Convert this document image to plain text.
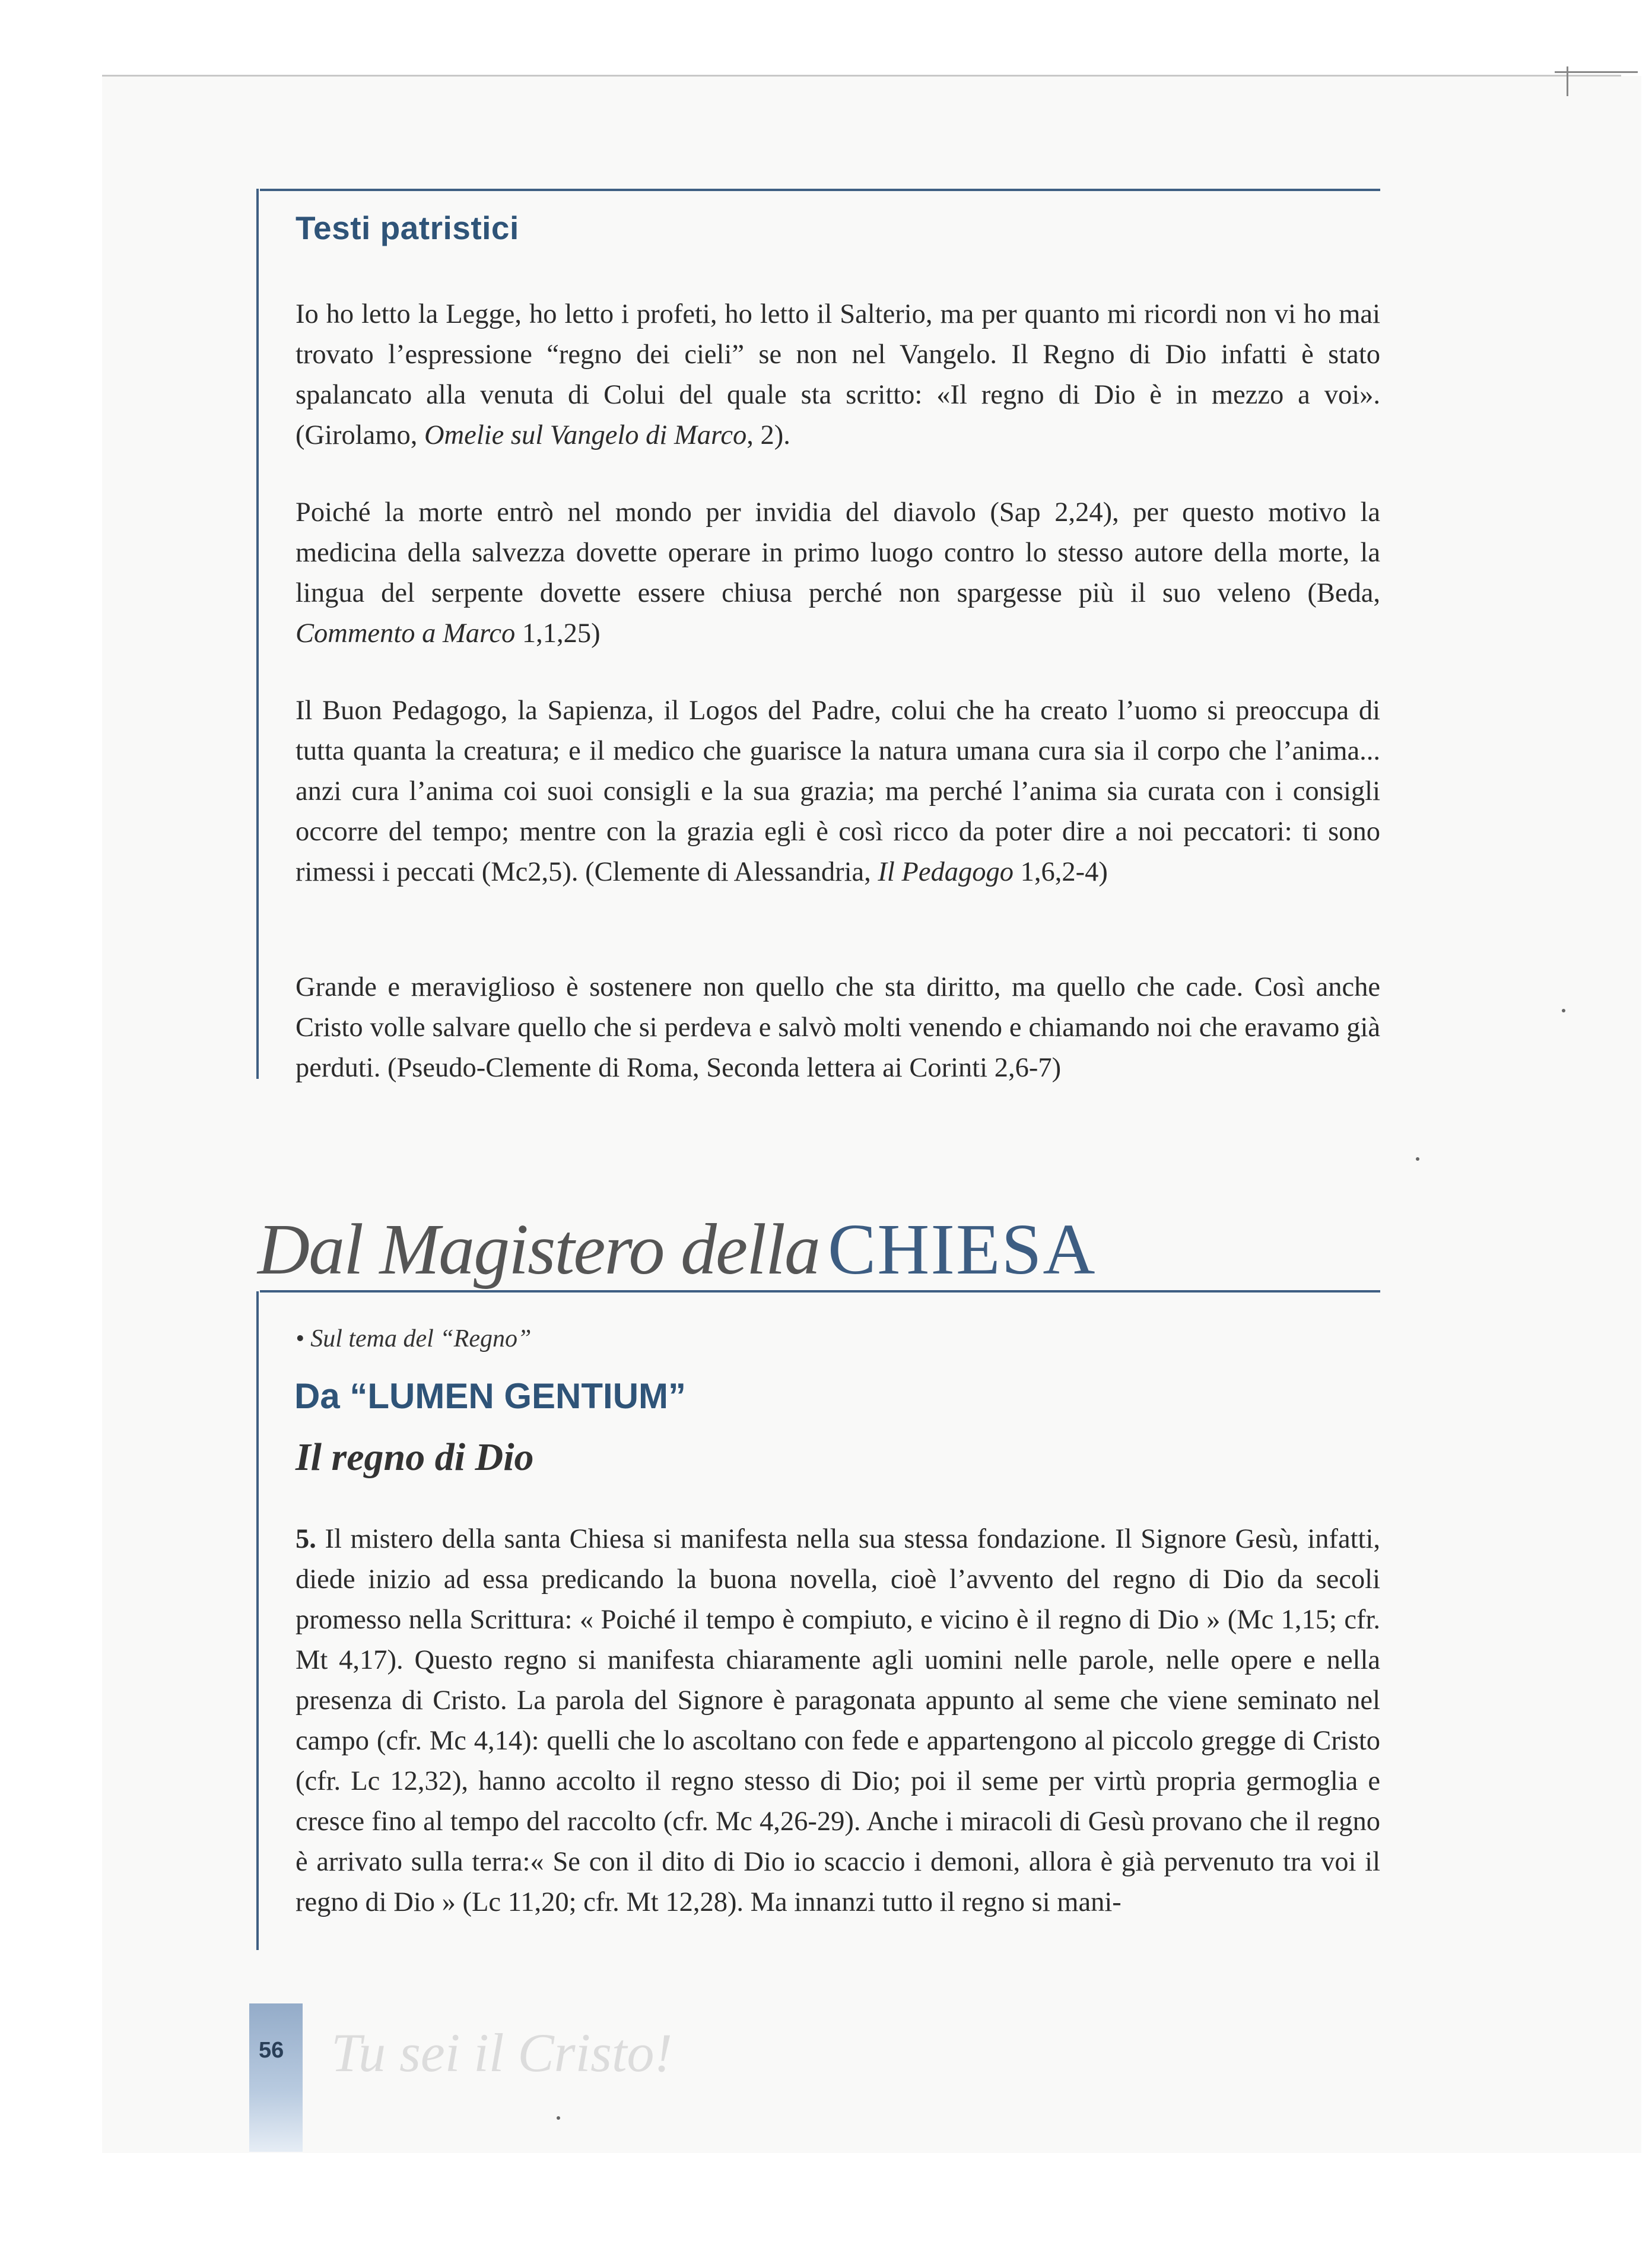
Testi patristici

Io ho letto la Legge, ho letto i profeti, ho letto il Salterio, ma per quanto mi ricordi non vi ho mai trovato l’espressione “regno dei cieli” se non nel Vangelo. Il Regno di Dio infatti è stato spalancato alla venuta di Colui del quale sta scritto: «Il regno di Dio è in mezzo a voi». (Girolamo, Omelie sul Vangelo di Marco, 2).

Poiché la morte entrò nel mondo per invidia del diavolo (Sap 2,24), per questo motivo la medicina della salvezza dovette operare in primo luogo contro lo stesso autore della morte, la lingua del serpente dovette essere chiusa perché non spargesse più il suo veleno (Beda, Commento a Marco 1,1,25)

Il Buon Pedagogo, la Sapienza, il Logos del Padre, colui che ha creato l’uomo si preoccupa di tutta quanta la creatura; e il medico che guarisce la natura umana cura sia il corpo che l’anima... anzi cura l’anima coi suoi consigli e la sua grazia; ma perché l’anima sia curata con i consigli occorre del tempo; mentre con la grazia egli è così ricco da poter dire a noi peccatori: ti sono rimessi i peccati (Mc2,5). (Clemente di Alessandria, Il Pedagogo 1,6,2-4)

Grande e meraviglioso è sostenere non quello che sta diritto, ma quello che cade. Così anche Cristo volle salvare quello che si perdeva e salvò molti venendo e chiamando noi che eravamo già perduti. (Pseudo-Clemente di Roma, Seconda lettera ai Corinti 2,6-7)

Dal Magistero della CHIESA

• Sul tema del “Regno”

Da “LUMEN GENTIUM”
Il regno di Dio

5. Il mistero della santa Chiesa si manifesta nella sua stessa fondazione. Il Signore Gesù, infatti, diede inizio ad essa predicando la buona novella, cioè l’avvento del regno di Dio da secoli promesso nella Scrittura: « Poiché il tempo è compiuto, e vicino è il regno di Dio » (Mc 1,15; cfr. Mt 4,17). Questo regno si manifesta chiaramente agli uomini nelle parole, nelle opere e nella presenza di Cristo. La parola del Signore è paragonata appunto al seme che viene seminato nel campo (cfr. Mc 4,14): quelli che lo ascoltano con fede e appartengono al piccolo gregge di Cristo (cfr. Lc 12,32), hanno accolto il regno stesso di Dio; poi il seme per virtù propria germoglia e cresce fino al tempo del raccolto (cfr. Mc 4,26-29). Anche i miracoli di Gesù provano che il regno è arrivato sulla terra:« Se con il dito di Dio io scaccio i demoni, allora è già pervenuto tra voi il regno di Dio » (Lc 11,20; cfr. Mt 12,28). Ma innanzi tutto il regno si mani-

56 Tu sei il Cristo!
